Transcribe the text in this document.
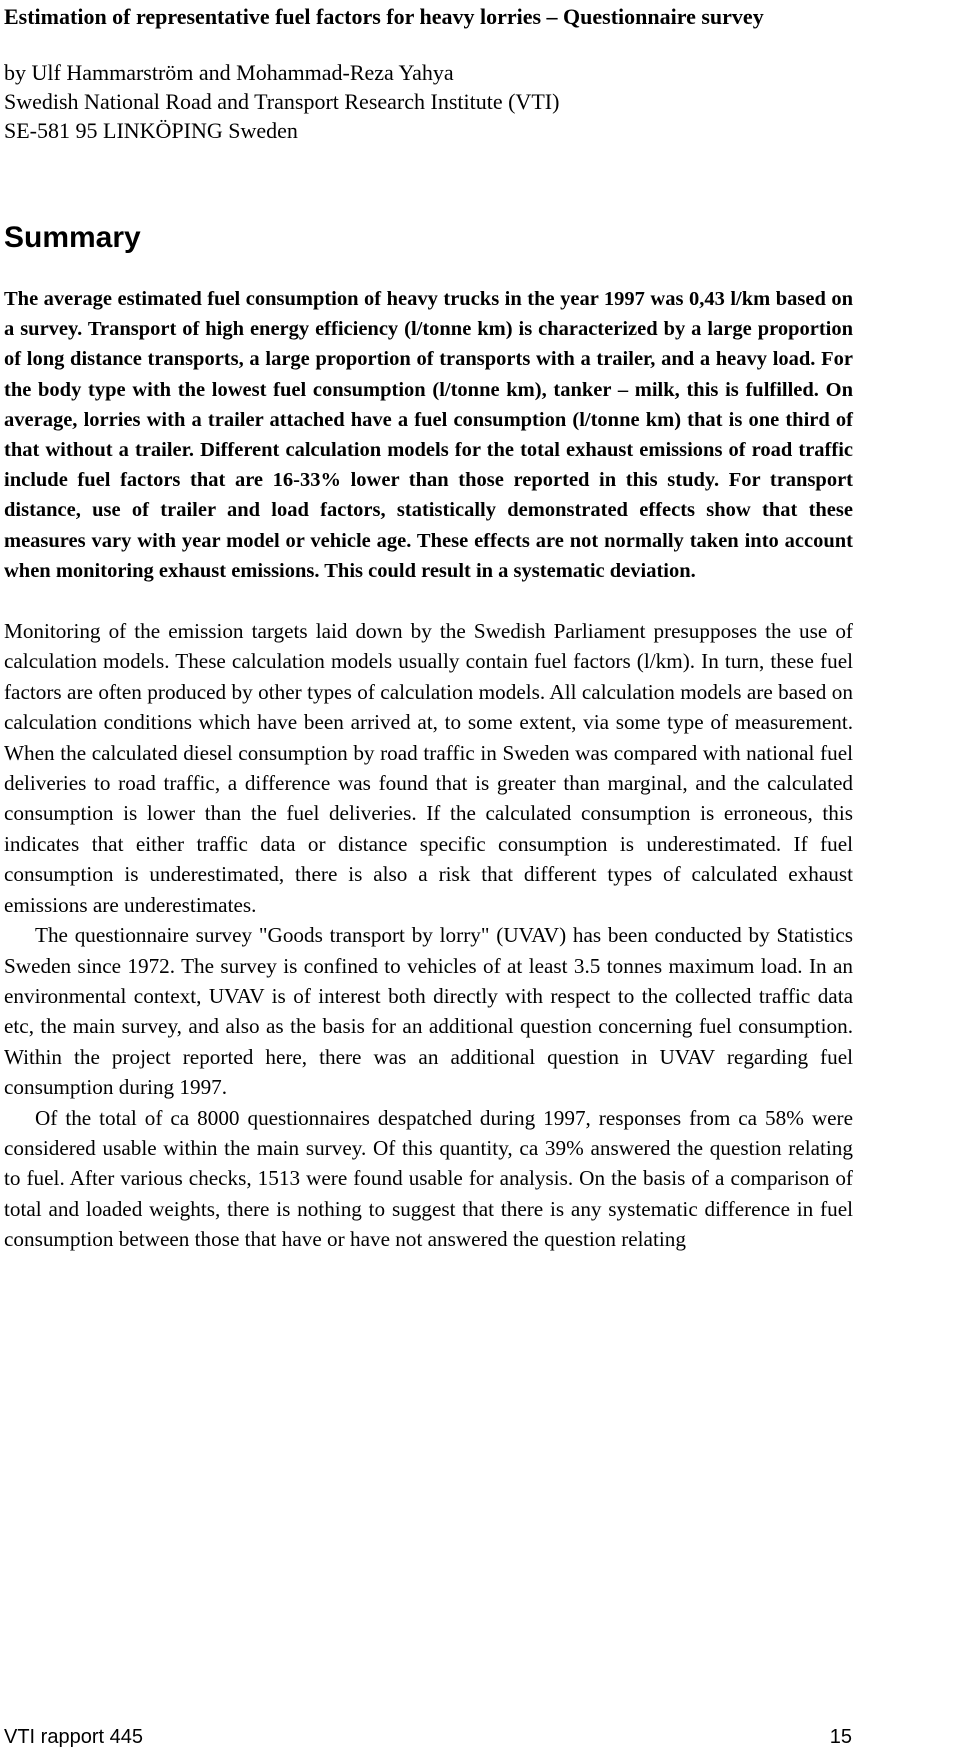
Estimation of representative fuel factors for heavy lorries – Questionnaire survey
by Ulf Hammarström and Mohammad-Reza Yahya
Swedish National Road and Transport Research Institute (VTI)
SE-581 95 LINKÖPING Sweden
Summary

The average estimated fuel consumption of heavy trucks in the year 1997 was 0,43 l/km based on a survey. Transport of high energy efficiency (l/tonne km) is characterized by a large proportion of long distance transports, a large proportion of transports with a trailer, and a heavy load. For the body type with the lowest fuel consumption (l/tonne km), tanker – milk, this is fulfilled. On average, lorries with a trailer attached have a fuel consumption (l/tonne km) that is one third of that without a trailer. Different calculation models for the total exhaust emissions of road traffic include fuel factors that are 16-33% lower than those reported in this study. For transport distance, use of trailer and load factors, statistically demonstrated effects show that these measures vary with year model or vehicle age. These effects are not normally taken into account when monitoring exhaust emissions. This could result in a systematic deviation.

Monitoring of the emission targets laid down by the Swedish Parliament presupposes the use of calculation models. These calculation models usually contain fuel factors (l/km). In turn, these fuel factors are often produced by other types of calculation models. All calculation models are based on calculation conditions which have been arrived at, to some extent, via some type of measurement. When the calculated diesel consumption by road traffic in Sweden was compared with national fuel deliveries to road traffic, a difference was found that is greater than marginal, and the calculated consumption is lower than the fuel deliveries. If the calculated consumption is erroneous, this indicates that either traffic data or distance specific consumption is underestimated. If fuel consumption is underestimated, there is also a risk that different types of calculated exhaust emissions are underestimates.

The questionnaire survey "Goods transport by lorry" (UVAV) has been conducted by Statistics Sweden since 1972. The survey is confined to vehicles of at least 3.5 tonnes maximum load. In an environmental context, UVAV is of interest both directly with respect to the collected traffic data etc, the main survey, and also as the basis for an additional question concerning fuel consumption. Within the project reported here, there was an additional question in UVAV regarding fuel consumption during 1997.

Of the total of ca 8000 questionnaires despatched during 1997, responses from ca 58% were considered usable within the main survey. Of this quantity, ca 39% answered the question relating to fuel. After various checks, 1513 were found usable for analysis. On the basis of a comparison of total and loaded weights, there is nothing to suggest that there is any systematic difference in fuel consumption between those that have or have not answered the question relating

VTI rapport 445	15
